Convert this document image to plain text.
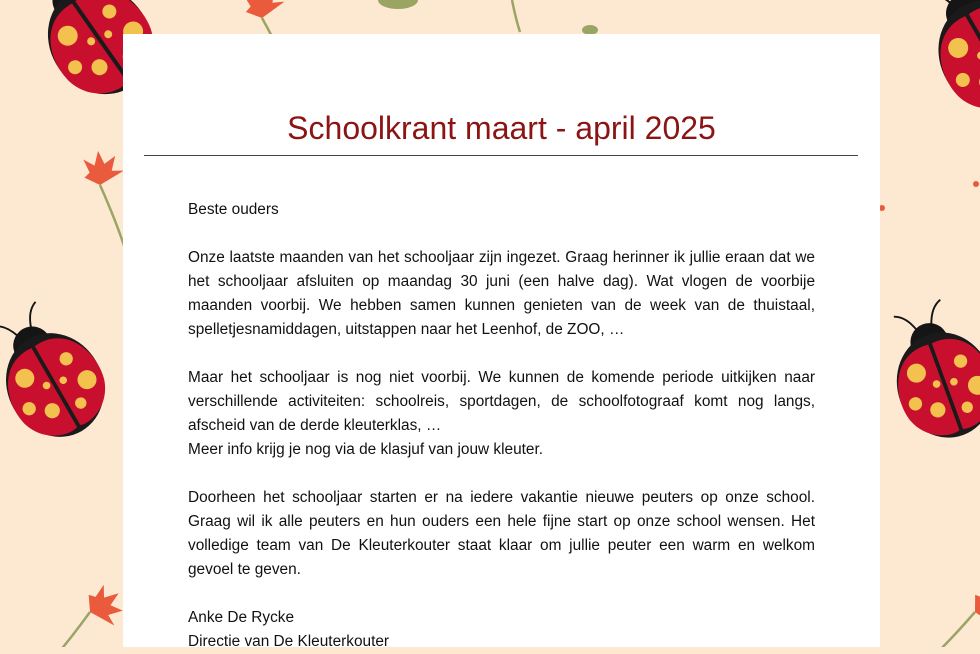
Schoolkrant maart - april 2025

Beste ouders

Onze laatste maanden van het schooljaar zijn ingezet. Graag herinner ik jullie eraan dat we het schooljaar afsluiten op maandag 30 juni (een halve dag). Wat vlogen de voorbije maanden voorbij. We hebben samen kunnen genieten van de week van de thuistaal, spelletjesnamiddagen, uitstappen naar het Leenhof, de ZOO, …

Maar het schooljaar is nog niet voorbij. We kunnen de komende periode uitkijken naar verschillende activiteiten: schoolreis, sportdagen, de schoolfotograaf komt nog langs, afscheid van de derde kleuterklas, …
Meer info krijg je nog via de klasjuf van jouw kleuter.

Doorheen het schooljaar starten er na iedere vakantie nieuwe peuters op onze school. Graag wil ik alle peuters en hun ouders een hele fijne start op onze school wensen. Het volledige team van De Kleuterkouter staat klaar om jullie peuter een warm en welkom gevoel te geven.

Anke De Rycke
Directie van De Kleuterkouter
